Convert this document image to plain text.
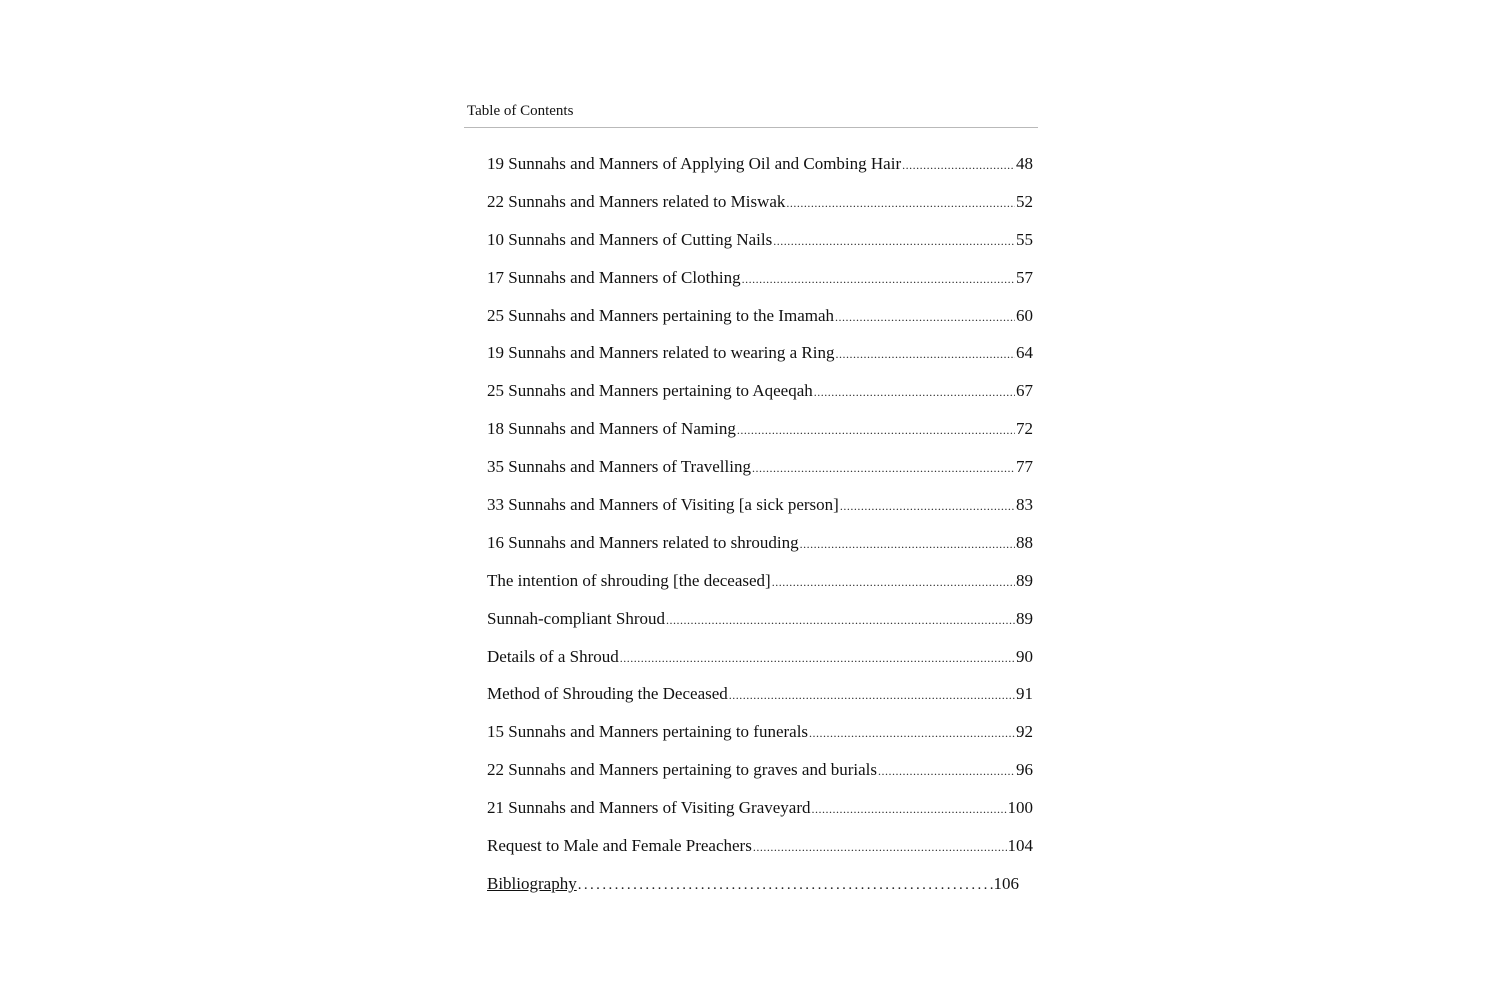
Table of Contents
19 Sunnahs and Manners of Applying Oil and Combing Hair .....	48
22 Sunnahs and Manners related to Miswak .....	52
10 Sunnahs and Manners of Cutting Nails .....	55
17 Sunnahs and Manners of Clothing .....	57
25 Sunnahs and Manners pertaining to the Imamah .....	60
19 Sunnahs and Manners related to wearing a Ring .....	64
25 Sunnahs and Manners pertaining to Aqeeqah .....	67
18 Sunnahs and Manners of Naming .....	72
35 Sunnahs and Manners of Travelling .....	77
33 Sunnahs and Manners of Visiting [a sick person] .....	83
16 Sunnahs and Manners related to shrouding .....	88
The intention of shrouding [the deceased] .....	89
Sunnah-compliant Shroud .....	89
Details of a Shroud .....	90
Method of Shrouding the Deceased .....	91
15 Sunnahs and Manners pertaining to funerals .....	92
22 Sunnahs and Manners pertaining to graves and burials .....	96
21 Sunnahs and Manners of Visiting Graveyard .....	100
Request to Male and Female Preachers .....	104
Bibliography .....	106
